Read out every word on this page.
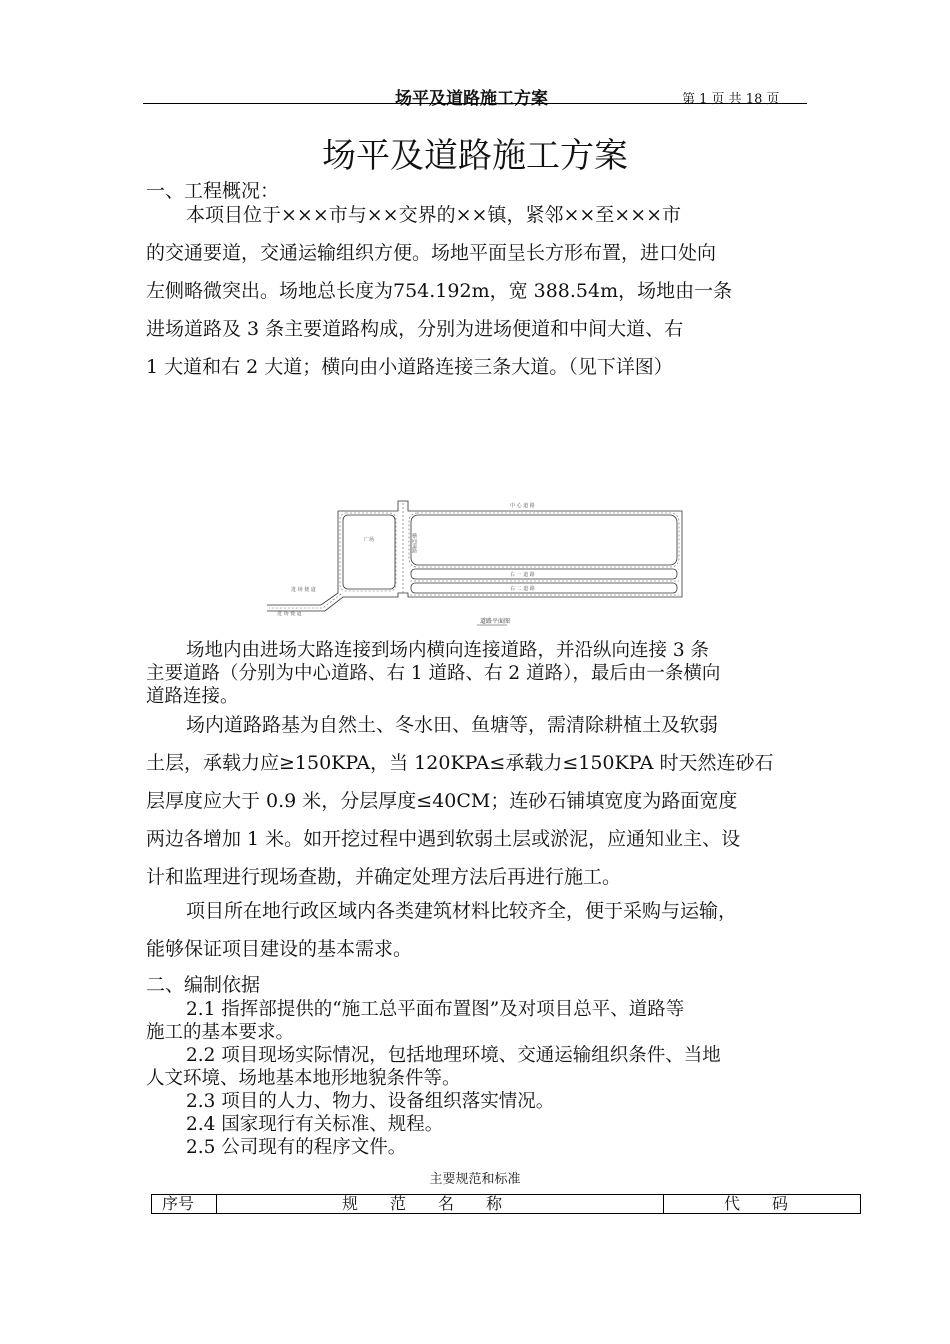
场平及道路施工方案	第 1 页 共 18 页
场平及道路施工方案
一、工程概况：
本项目位于×××市与××交界的××镇，紧邻××至×××市
的交通要道，交通运输组织方便。场地平面呈长方形布置，进口处向
左侧略微突出。场地总长度为754.192m，宽 388.54m，场地由一条
进场道路及 3 条主要道路构成，分别为进场便道和中间大道、右
1 大道和右 2 大道；横向由小道路连接三条大道。（见下详图）
中 心 道 路
广场	横向道路
右 一 道 路
右 二 道 路
进 场 便 道
进 场 便 道
道路平面图
场地内由进场大路连接到场内横向连接道路，并沿纵向连接 3 条
主要道路（分别为中心道路、右 1 道路、右 2 道路），最后由一条横向
道路连接。
场内道路路基为自然土、冬水田、鱼塘等，需清除耕植土及软弱
土层，承载力应≥150KPA，当 120KPA≤承载力≤150KPA 时天然连砂石
层厚度应大于 0.9 米，分层厚度≤40CM；连砂石铺填宽度为路面宽度
两边各增加 1 米。如开挖过程中遇到软弱土层或淤泥，应通知业主、设
计和监理进行现场查勘，并确定处理方法后再进行施工。
项目所在地行政区域内各类建筑材料比较齐全，便于采购与运输，
能够保证项目建设的基本需求。
二、编制依据
2.1 指挥部提供的“施工总平面布置图”及对项目总平、道路等
施工的基本要求。
2.2 项目现场实际情况，包括地理环境、交通运输组织条件、当地
人文环境、场地基本地形地貌条件等。
2.3 项目的人力、物力、设备组织落实情况。
2.4 国家现行有关标准、规程。
2.5 公司现有的程序文件。
主要规范和标准
序号	规　　范　　名　　称	代　　码
